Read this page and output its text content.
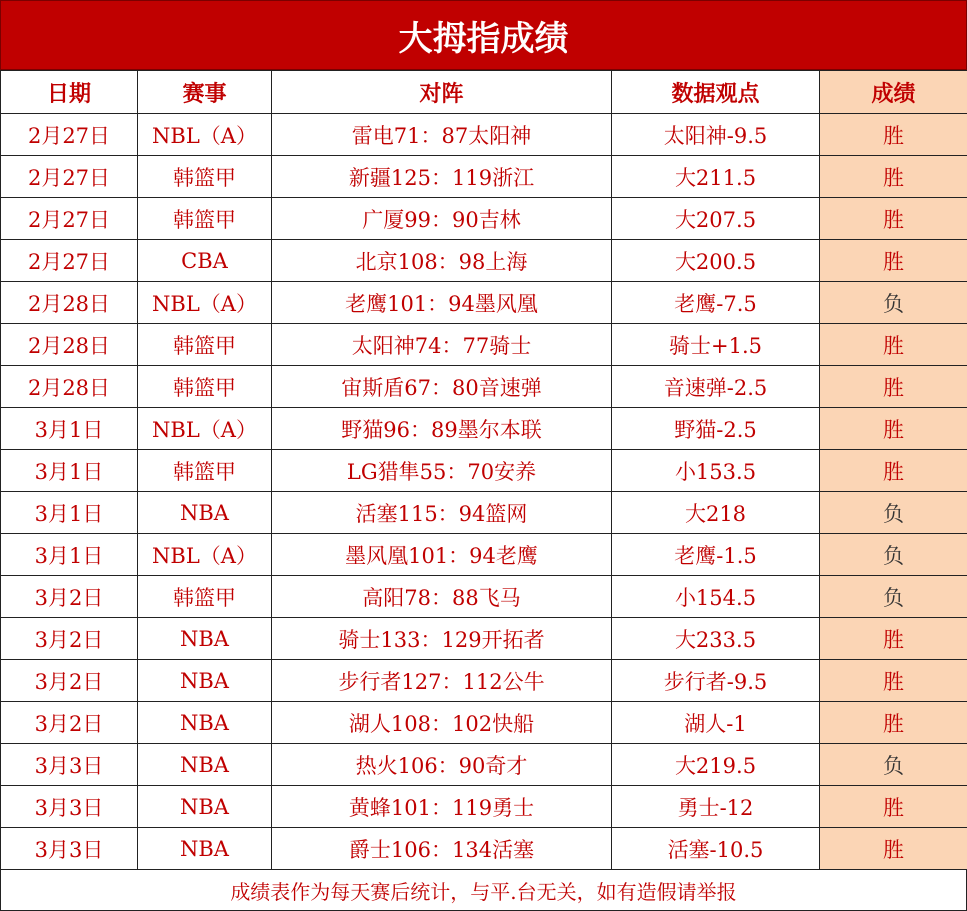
大拇指成绩
日期	赛事	对阵	数据观点	成绩
2月27日	NBL（A）	雷电71：87太阳神	太阳神-9.5	胜
2月27日	韩篮甲	新疆125：119浙江	大211.5	胜
2月27日	韩篮甲	广厦99：90吉林	大207.5	胜
2月27日	CBA	北京108：98上海	大200.5	胜
2月28日	NBL（A）	老鹰101：94墨风凰	老鹰-7.5	负
2月28日	韩篮甲	太阳神74：77骑士	骑士+1.5	胜
2月28日	韩篮甲	宙斯盾67：80音速弹	音速弹-2.5	胜
3月1日	NBL（A）	野猫96：89墨尔本联	野猫-2.5	胜
3月1日	韩篮甲	LG猎隼55：70安养	小153.5	胜
3月1日	NBA	活塞115：94篮网	大218	负
3月1日	NBL（A）	墨风凰101：94老鹰	老鹰-1.5	负
3月2日	韩篮甲	高阳78：88飞马	小154.5	负
3月2日	NBA	骑士133：129开拓者	大233.5	胜
3月2日	NBA	步行者127：112公牛	步行者-9.5	胜
3月2日	NBA	湖人108：102快船	湖人-1	胜
3月3日	NBA	热火106：90奇才	大219.5	负
3月3日	NBA	黄蜂101：119勇士	勇士-12	胜
3月3日	NBA	爵士106：134活塞	活塞-10.5	胜
成绩表作为每天赛后统计，与平.台无关，如有造假请举报
